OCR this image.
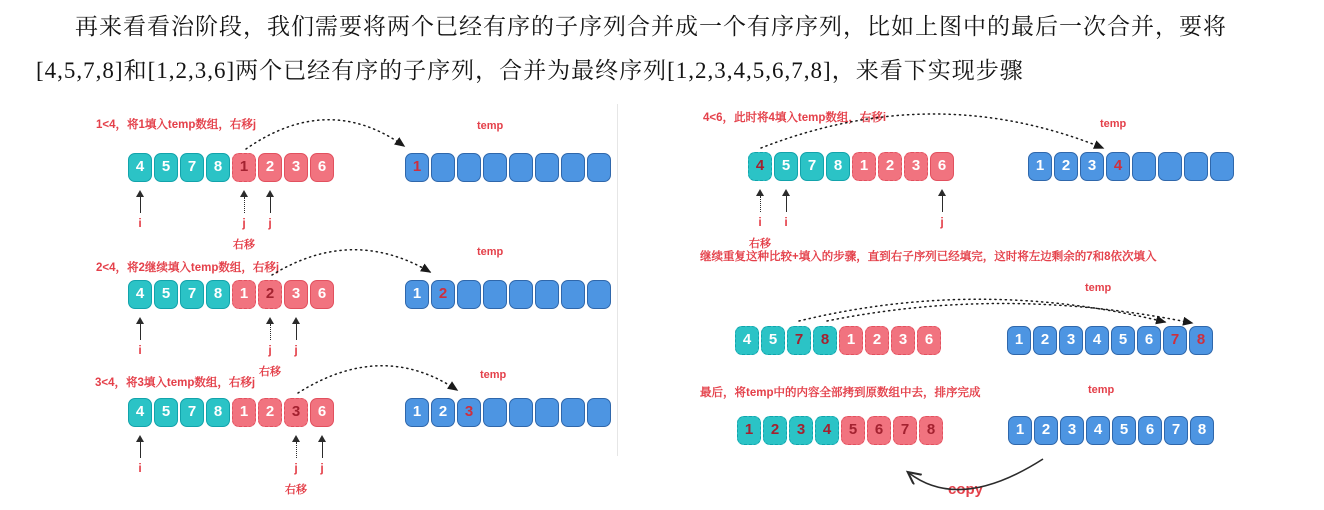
再来看看治阶段，我们需要将两个已经有序的子序列合并成一个有序序列，比如上图中的最后一次合并，要将
[4,5,7,8]和[1,2,3,6]两个已经有序的子序列，合并为最终序列[1,2,3,4,5,6,7,8]，来看下实现步骤
1<4，将1填入temp数组，右移j
4 5 7 8 1 2 3 6
temp
1
i	j
右移
j
2<4，将2继续填入temp数组，右移j
4 5 7 8 1 2 3 6
temp
1 2
i	j
右移
j
3<4，将3填入temp数组，右移j
4 5 7 8 1 2 3 6
temp
1 2 3
i	j
右移
j
4<6，此时将4填入temp数组，右移i
4 5 7 8 1 2 3 6
temp
1 2 3 4
i
右移
i	j
继续重复这种比较+填入的步骤，直到右子序列已经填完，这时将左边剩余的7和8依次填入
4 5 7 8 1 2 3 6
temp
1 2 3 4 5 6 7 8
最后，将temp中的内容全部拷到原数组中去，排序完成
1 2 3 4 5 6 7 8
temp
1 2 3 4 5 6 7 8
copy
